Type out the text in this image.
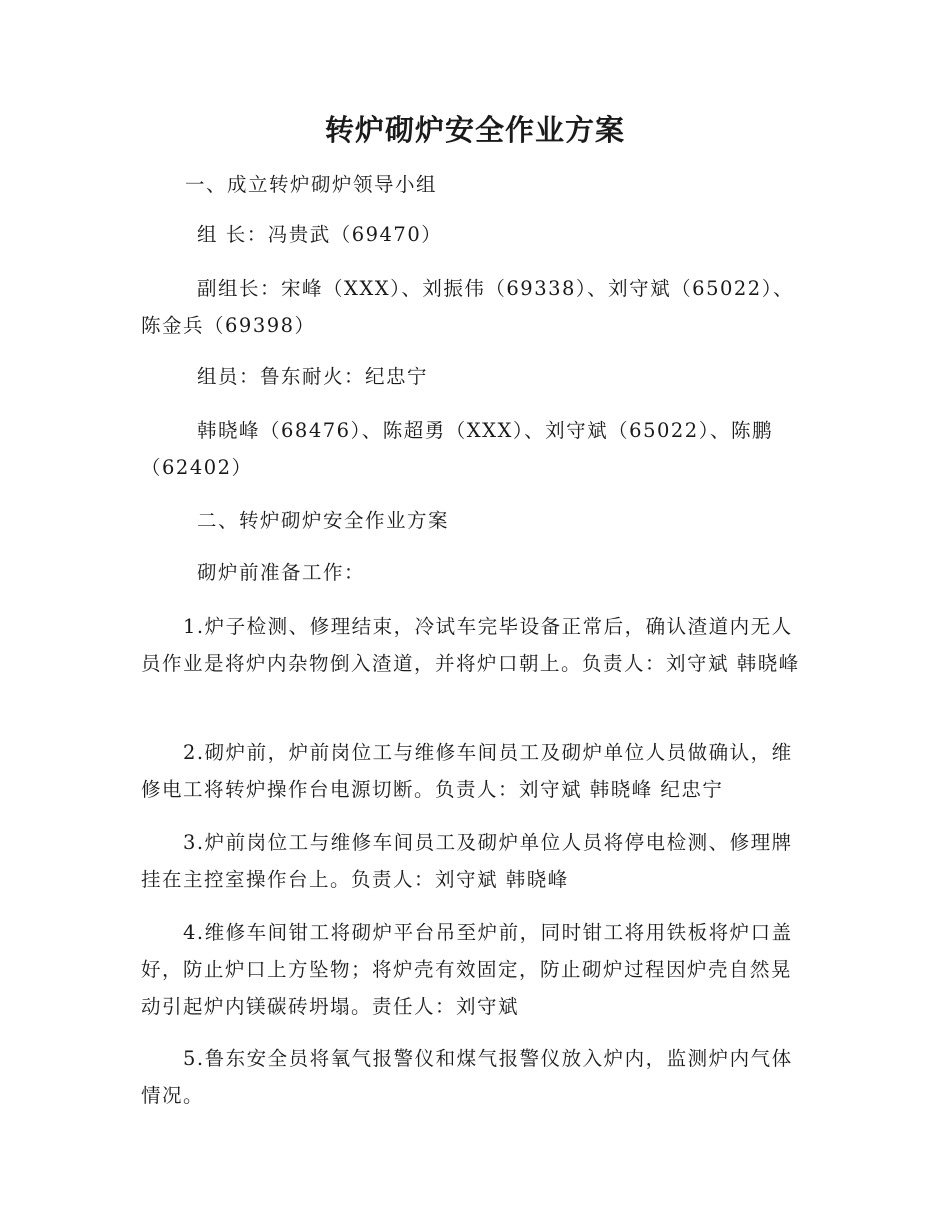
转炉砌炉安全作业方案

一、成立转炉砌炉领导小组

组 长：冯贵武（69470）

副组长：宋峰（XXX）、刘振伟（69338）、刘守斌（65022）、陈金兵（69398）

组员：鲁东耐火：纪忠宁

韩晓峰（68476）、陈超勇（XXX）、刘守斌（65022）、陈鹏（62402）

二、转炉砌炉安全作业方案

砌炉前准备工作：

1.炉子检测、修理结束，冷试车完毕设备正常后，确认渣道内无人员作业是将炉内杂物倒入渣道，并将炉口朝上。负责人：刘守斌 韩晓峰

2.砌炉前，炉前岗位工与维修车间员工及砌炉单位人员做确认，维修电工将转炉操作台电源切断。负责人：刘守斌 韩晓峰 纪忠宁

3.炉前岗位工与维修车间员工及砌炉单位人员将停电检测、修理牌挂在主控室操作台上。负责人：刘守斌 韩晓峰

4.维修车间钳工将砌炉平台吊至炉前，同时钳工将用铁板将炉口盖好，防止炉口上方坠物；将炉壳有效固定，防止砌炉过程因炉壳自然晃动引起炉内镁碳砖坍塌。责任人：刘守斌

5.鲁东安全员将氧气报警仪和煤气报警仪放入炉内，监测炉内气体情况。
